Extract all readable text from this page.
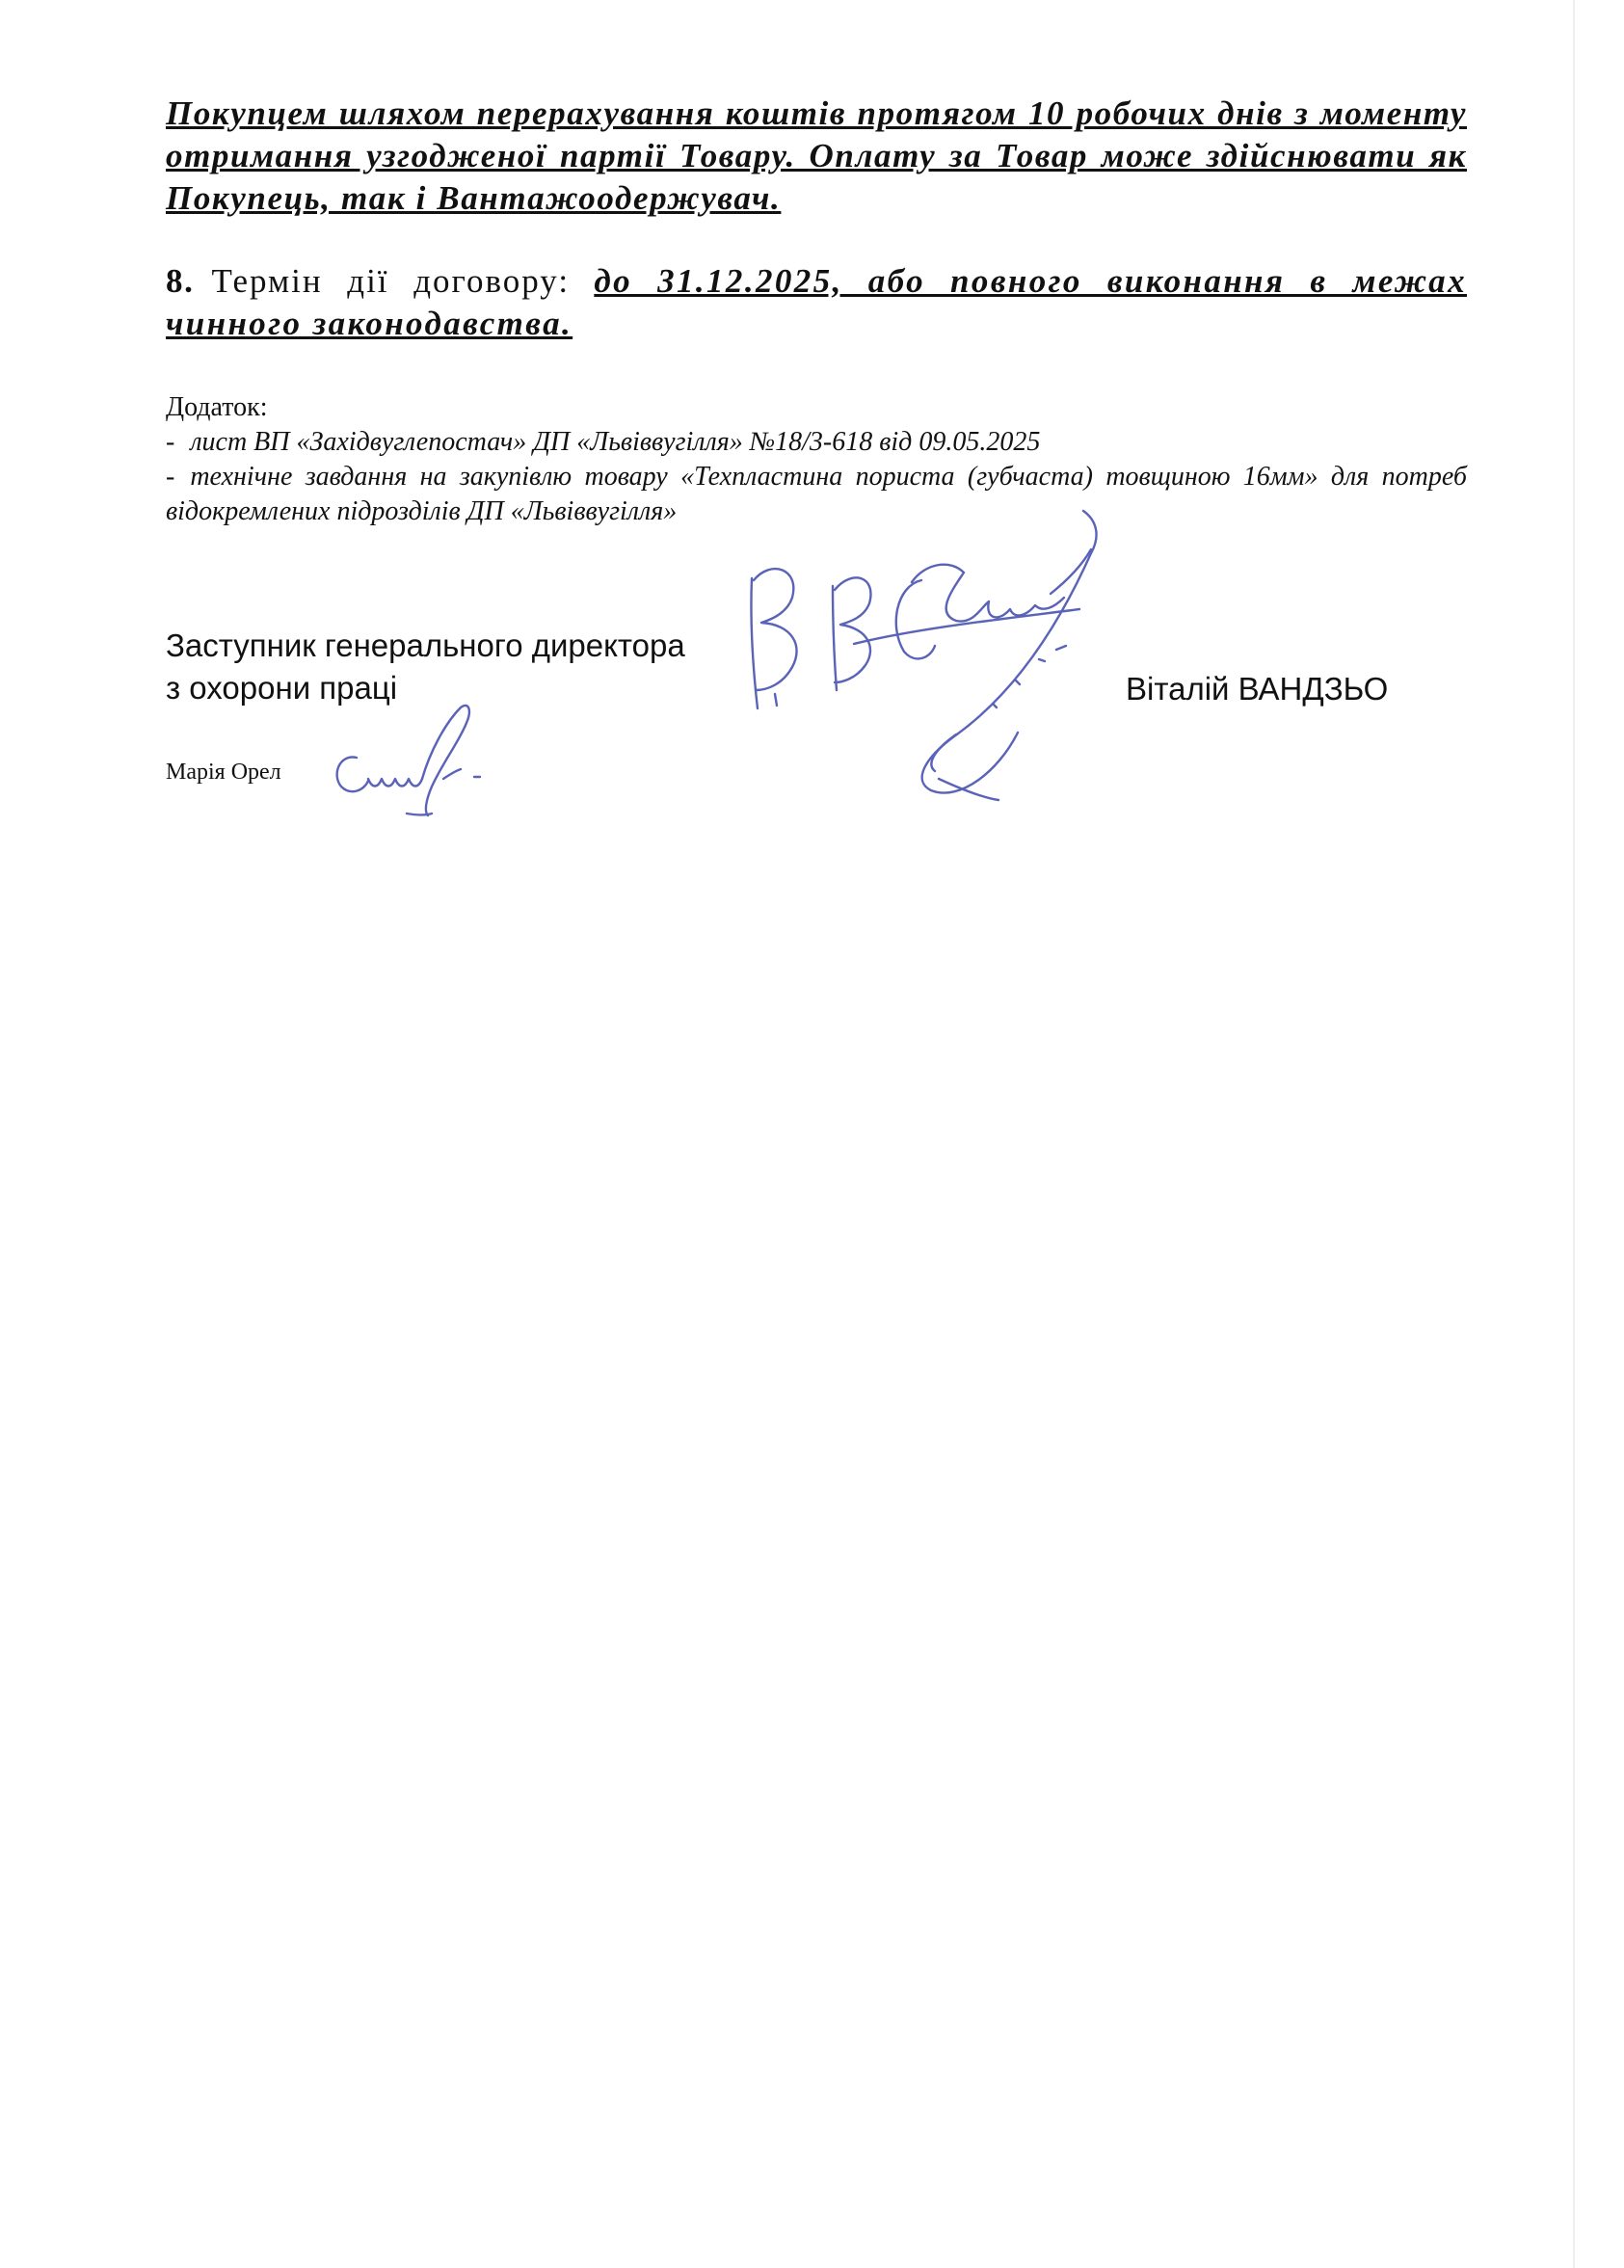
Покупцем шляхом перерахування коштів протягом 10 робочих днів з моменту отримання узгодженої партії Товару. Оплату за Товар може здійснювати як Покупець, так і Вантажоодержувач.
8. Термін дії договору: до 31.12.2025, або повного виконання в межах чинного законодавства.
Додаток:
- лист ВП «Західвуглепостач» ДП «Львіввугілля» №18/3-618 від 09.05.2025
- технічне завдання на закупівлю товару «Техпластина пориста (губчаста) товщиною 16мм» для потреб відокремлених підрозділів ДП «Львіввугілля»
Заступник генерального директора
з охорони праці	Віталій ВАНДЗЬО
Марія Орел
